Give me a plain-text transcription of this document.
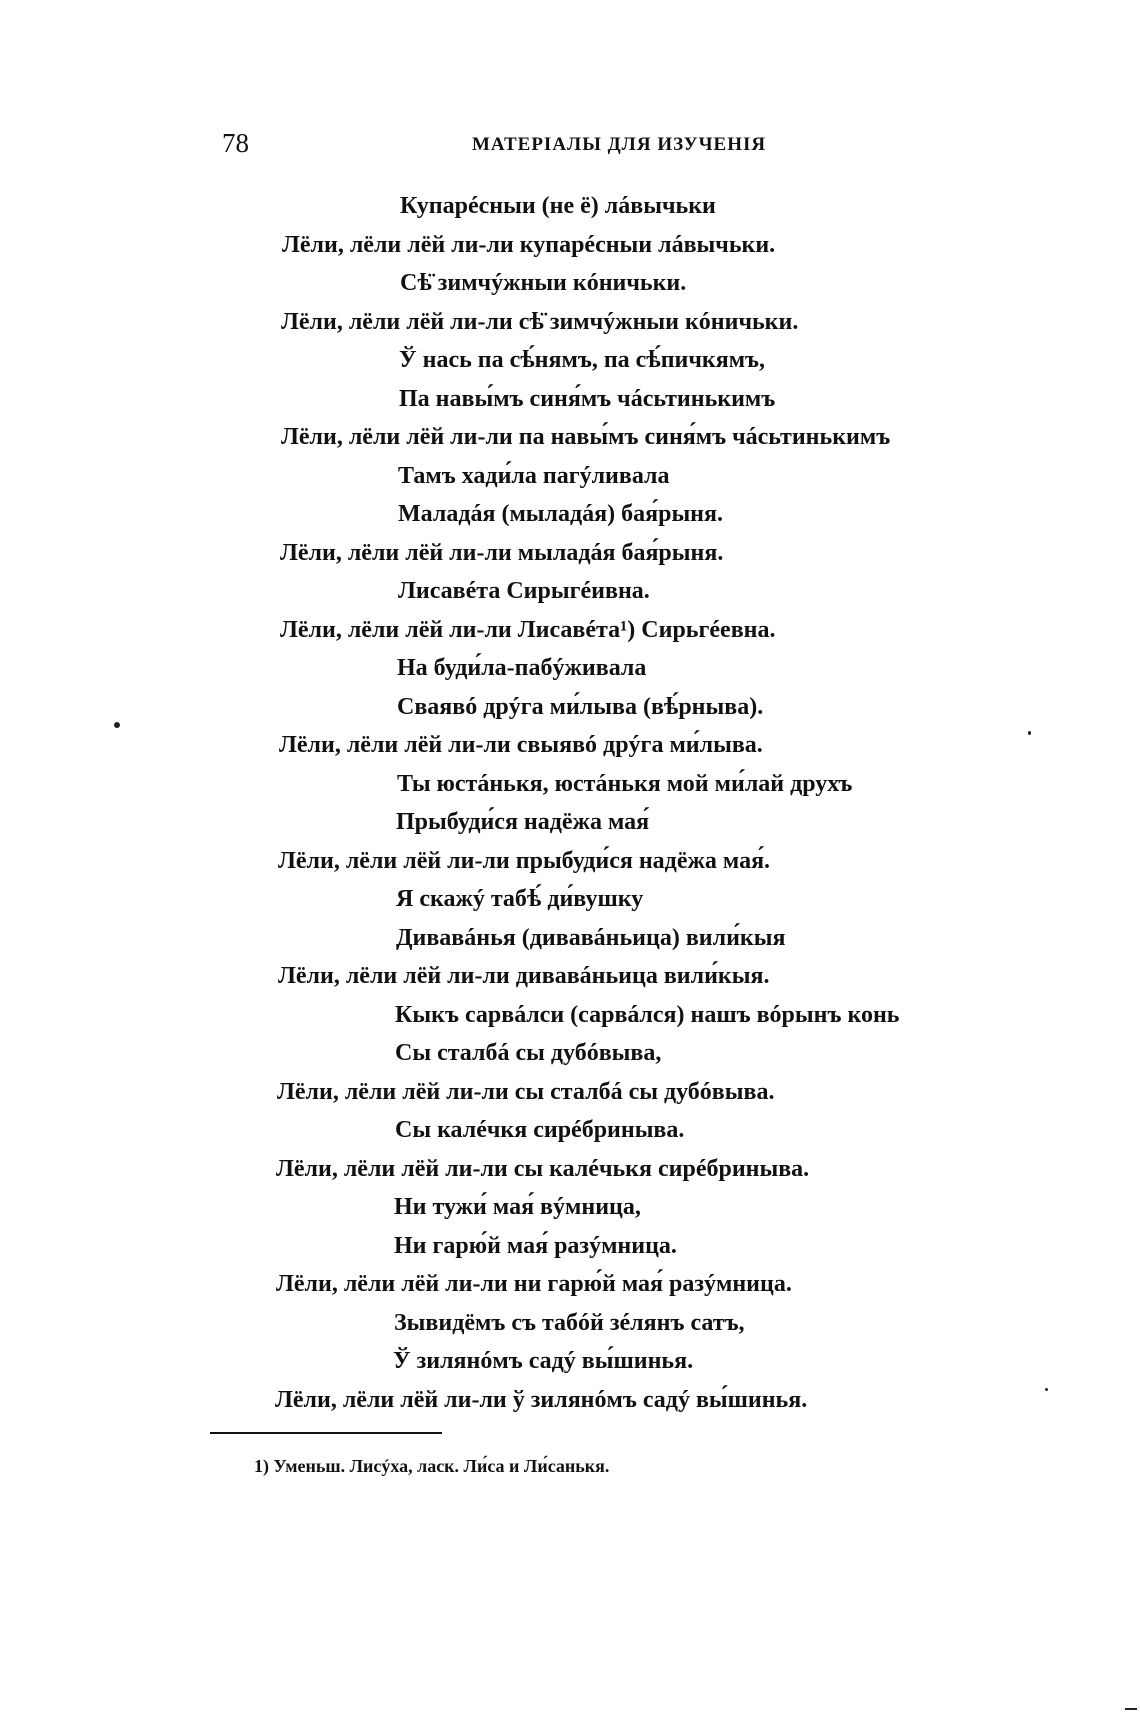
78	МАТЕРІАЛЫ ДЛЯ ИЗУЧЕНІЯ
Купарéсныи (не ё) лáвычьки
Лёли, лёли лёй ли-ли купарéсныи лáвычьки.
Сѣ̈ зимчýжныи кóничьки.
Лёли, лёли лёй ли-ли сѣ̈ зимчýжныи кóничьки.
Ў нась па сѣ́нямъ, па сѣ́пичкямъ,
Па навы́мъ синя́мъ чáсьтинькимъ
Лёли, лёли лёй ли-ли па навы́мъ синя́мъ чáсьтинькимъ
Тамъ хади́ла пагýливала
Маладáя (мыладáя) бая́рыня.
Лёли, лёли лёй ли-ли мыладáя бая́рыня.
Лисавéта Сирыгéивна.
Лёли, лёли лёй ли-ли Лисавéта¹) Сирьгéевна.
На буди́ла-пабýживала
Сваявó дрýга ми́лыва (вѣ́рныва).
Лёли, лёли лёй ли-ли свыявó дрýга ми́лыва.
Ты юстáнькя, юстáнькя мой ми́лай друхъ
Прыбуди́ся надёжа мая́
Лёли, лёли лёй ли-ли прыбуди́ся надёжа мая́.
Я скажý табѣ́ ди́вушку
Дивавáнья (дивавáньица) вили́кыя
Лёли, лёли лёй ли-ли дивавáньица вили́кыя.
Кыкъ сарвáлси (сарвáлся) нашъ вóрынъ конь
Сы сталбá сы дубóвыва,
Лёли, лёли лёй ли-ли сы сталбá сы дубóвыва.
Сы калéчкя сирéбриныва.
Лёли, лёли лёй ли-ли сы калéчькя сирéбриныва.
Ни тужи́ мая́ вýмница,
Ни гарю́й мая́ разýмница.
Лёли, лёли лёй ли-ли ни гарю́й мая́ разýмница.
Зывидёмъ съ табóй зéлянъ сатъ,
Ў зилянóмъ садý вы́шинья.
Лёли, лёли лёй ли-ли ў зилянóмъ садý вы́шинья.
1) Уменьш. Лисýха, ласк. Ли́са и Ли́санькя.
